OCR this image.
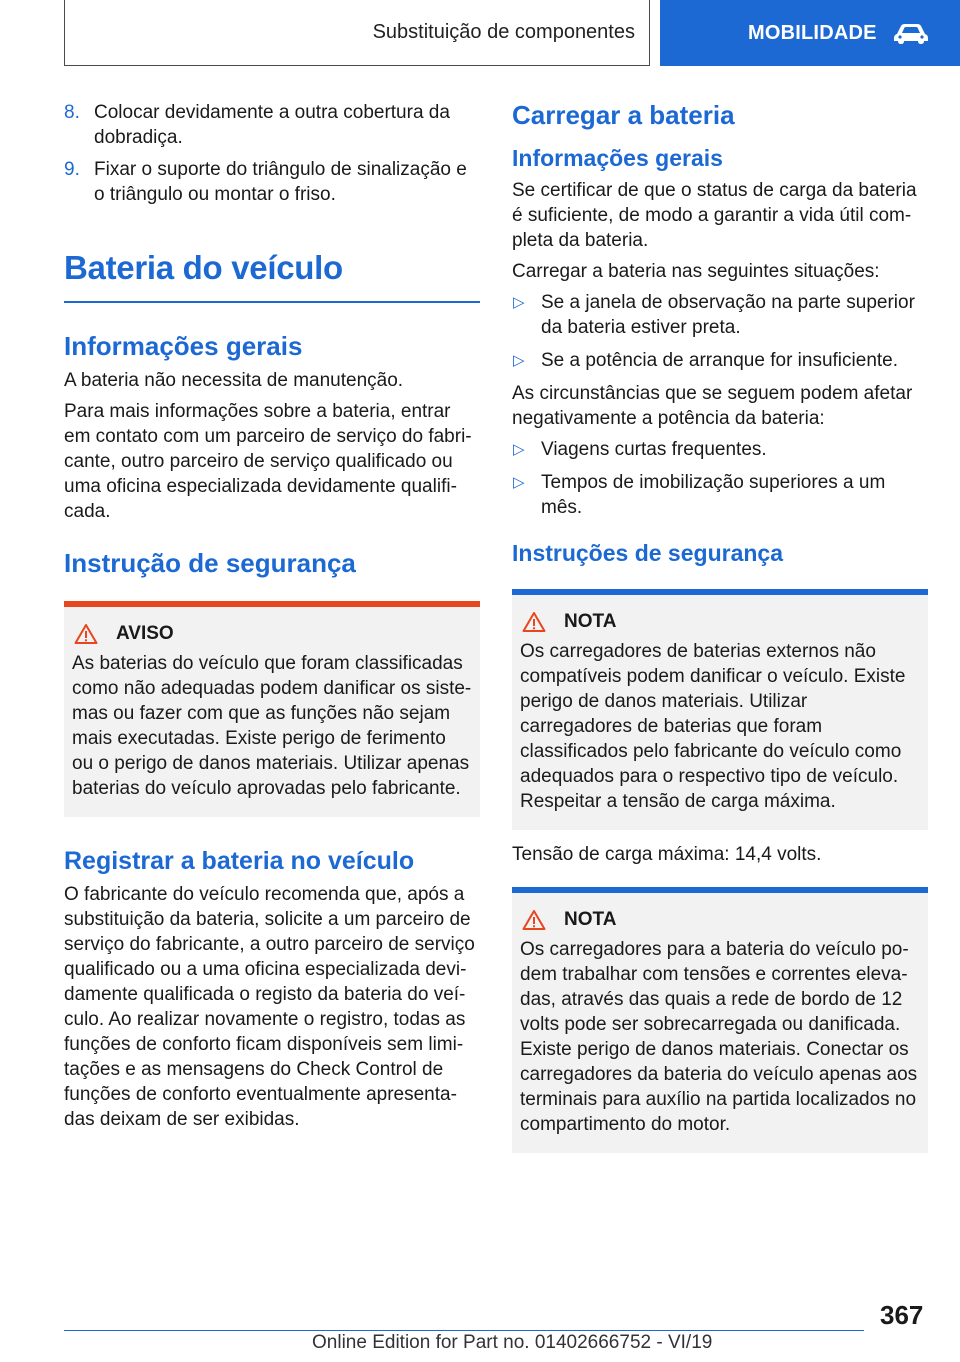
Substituição de componentes	MOBILIDADE
8. Colocar devidamente a outra cobertura da dobradiça.
9. Fixar o suporte do triângulo de sinalização e o triângulo ou montar o friso.
Bateria do veículo
Informações gerais

A bateria não necessita de manutenção.

Para mais informações sobre a bateria, entrar em contato com um parceiro de serviço do fabricante, outro parceiro de serviço qualificado ou uma oficina especializada devidamente qualificada.

Instrução de segurança
AVISO

As baterias do veículo que foram classificadas como não adequadas podem danificar os sistemas ou fazer com que as funções não sejam mais executadas. Existe perigo de ferimento ou o perigo de danos materiais. Utilizar apenas baterias do veículo aprovadas pelo fabricante.

Registrar a bateria no veículo

O fabricante do veículo recomenda que, após a substituição da bateria, solicite a um parceiro de serviço do fabricante, a outro parceiro de serviço qualificado ou a uma oficina especializada devidamente qualificada o registo da bateria do veículo. Ao realizar novamente o registro, todas as funções de conforto ficam disponíveis sem limitações e as mensagens do Check Control de funções de conforto eventualmente apresentadas deixam de ser exibidas.

Carregar a bateria
Informações gerais

Se certificar de que o status de carga da bateria é suficiente, de modo a garantir a vida útil completa da bateria.

Carregar a bateria nas seguintes situações:

▷ Se a janela de observação na parte superior da bateria estiver preta.
▷ Se a potência de arranque for insuficiente.

As circunstâncias que se seguem podem afetar negativamente a potência da bateria:

▷ Viagens curtas frequentes.
▷ Tempos de imobilização superiores a um mês.
Instruções de segurança
NOTA

Os carregadores de baterias externos não compatíveis podem danificar o veículo. Existe perigo de danos materiais. Utilizar carregadores de baterias que foram classificados pelo fabricante do veículo como adequados para o respectivo tipo de veículo. Respeitar a tensão de carga máxima.

Tensão de carga máxima: 14,4 volts.

NOTA

Os carregadores para a bateria do veículo podem trabalhar com tensões e correntes elevadas, através das quais a rede de bordo de 12 volts pode ser sobrecarregada ou danificada. Existe perigo de danos materiais. Conectar os carregadores da bateria do veículo apenas aos terminais para auxílio na partida localizados no compartimento do motor.

367
Online Edition for Part no. 01402666752 - VI/19
